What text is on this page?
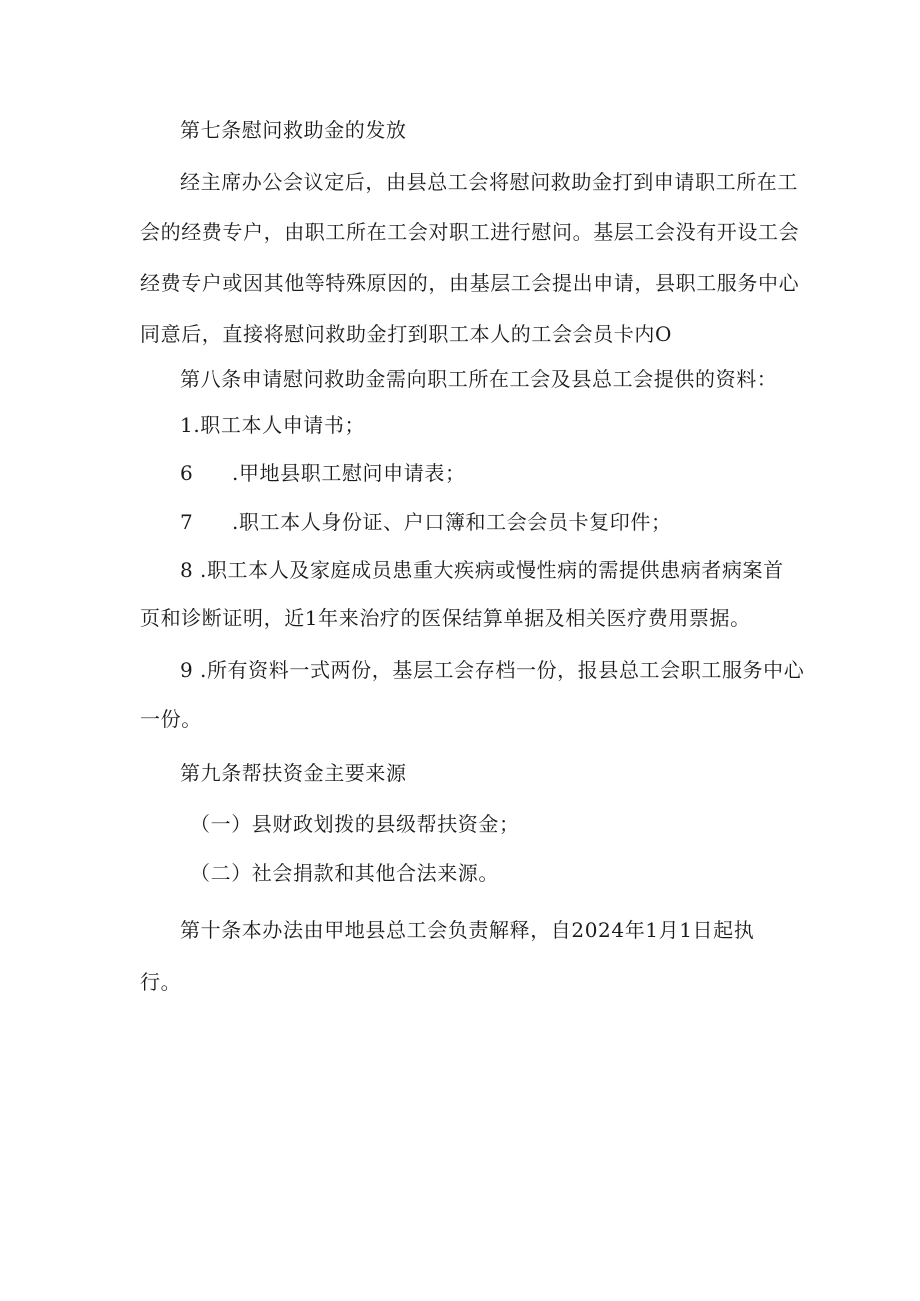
第七条慰问救助金的发放
经主席办公会议定后，由县总工会将慰问救助金打到申请职工所在工
会的经费专户，由职工所在工会对职工进行慰问。基层工会没有开设工会
经费专户或因其他等特殊原因的，由基层工会提出申请，县职工服务中心
同意后，直接将慰问救助金打到职工本人的工会会员卡内O
第八条申请慰问救助金需向职工所在工会及县总工会提供的资料：
1.职工本人申请书；
6 .甲地县职工慰问申请表；
7 .职工本人身份证、户口簿和工会会员卡复印件；
8 .职工本人及家庭成员患重大疾病或慢性病的需提供患病者病案首
页和诊断证明，近1年来治疗的医保结算单据及相关医疗费用票据。
9 .所有资料一式两份，基层工会存档一份，报县总工会职工服务中心
一份。
第九条帮扶资金主要来源
（一）县财政划拨的县级帮扶资金；
（二）社会捐款和其他合法来源。
第十条本办法由甲地县总工会负责解释，自2024年1月1日起执
行。
